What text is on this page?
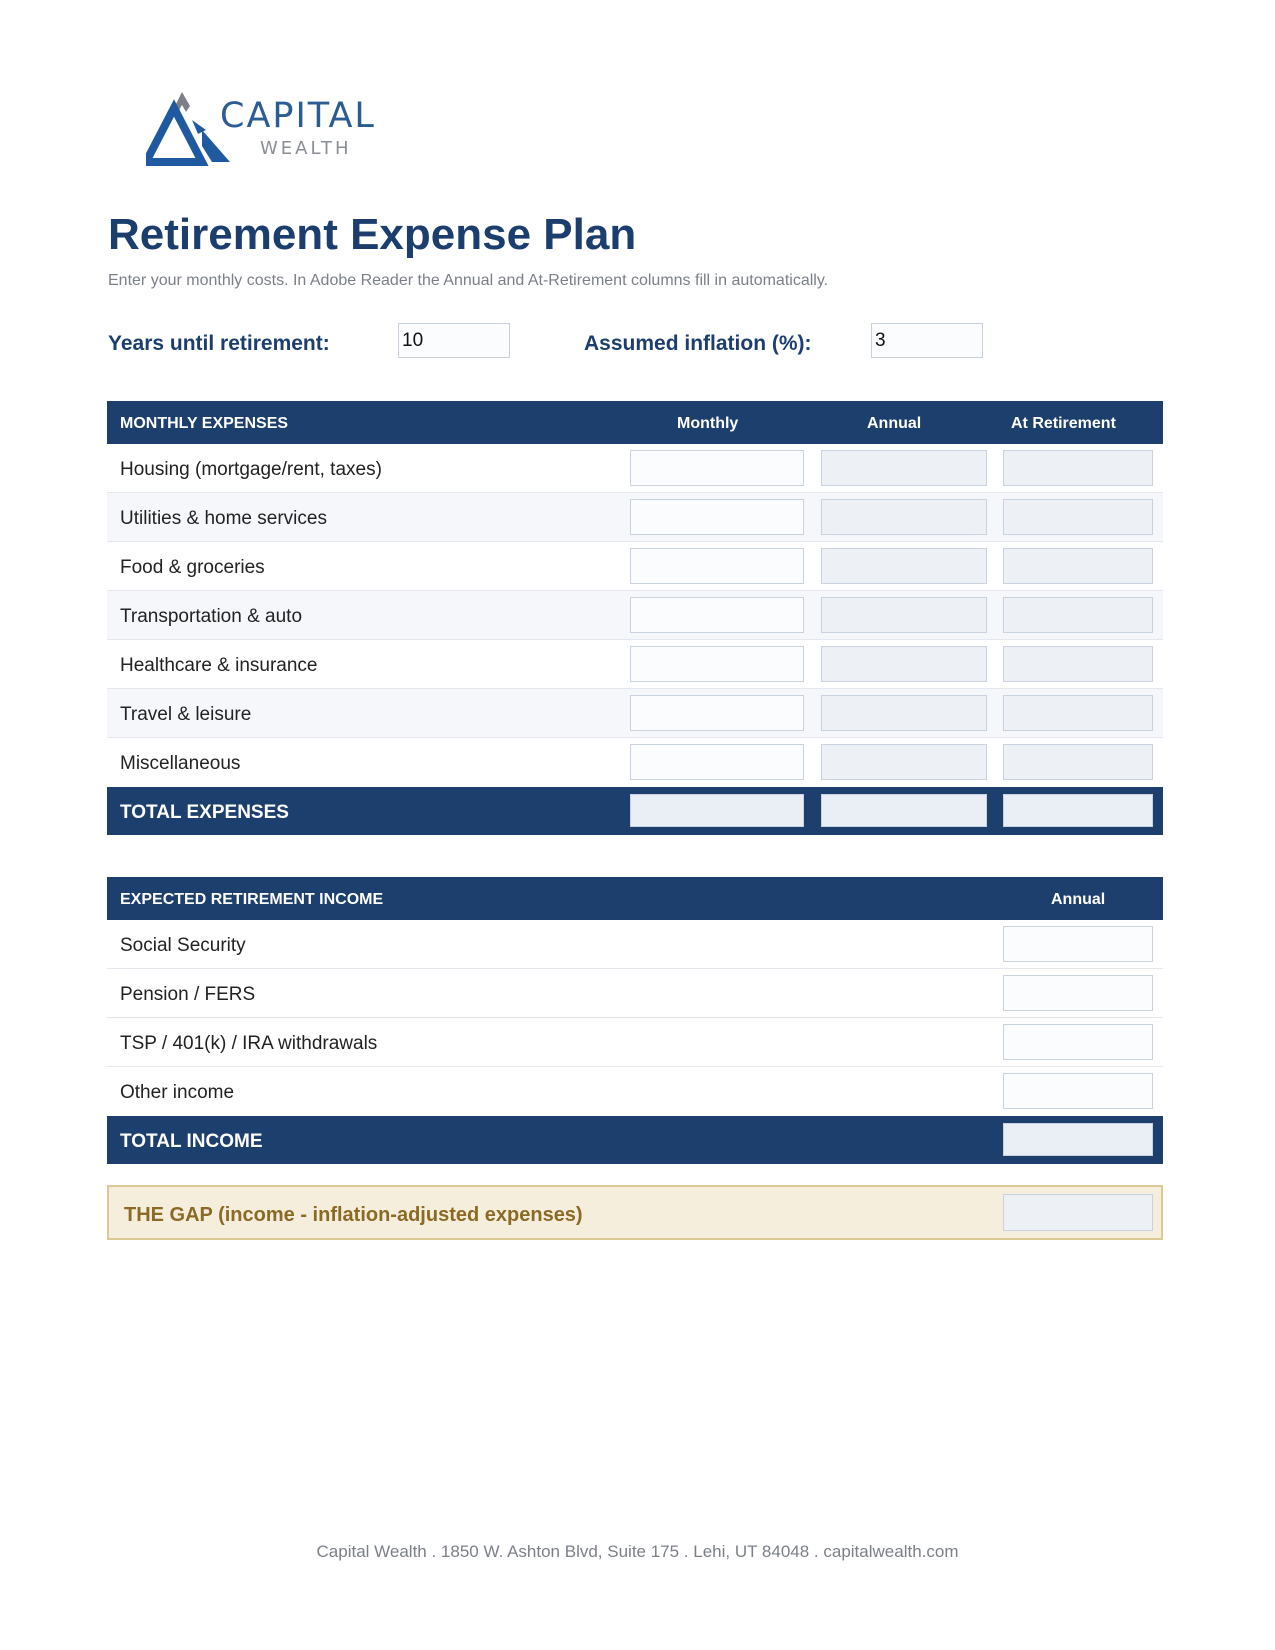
CAPITAL
WEALTH
Retirement Expense Plan
Enter your monthly costs. In Adobe Reader the Annual and At-Retirement columns fill in automatically.
Years until retirement:
10	Assumed inflation (%):
3
MONTHLY EXPENSES	Monthly	Annual	At Retirement
Housing (mortgage/rent, taxes)
Utilities & home services
Food & groceries
Transportation & auto
Healthcare & insurance
Travel & leisure
Miscellaneous
TOTAL EXPENSES
EXPECTED RETIREMENT INCOME	Annual
Social Security
Pension / FERS
TSP / 401(k) / IRA withdrawals
Other income
TOTAL INCOME
THE GAP (income - inflation-adjusted expenses)
Capital Wealth . 1850 W. Ashton Blvd, Suite 175 . Lehi, UT 84048 . capitalwealth.com
